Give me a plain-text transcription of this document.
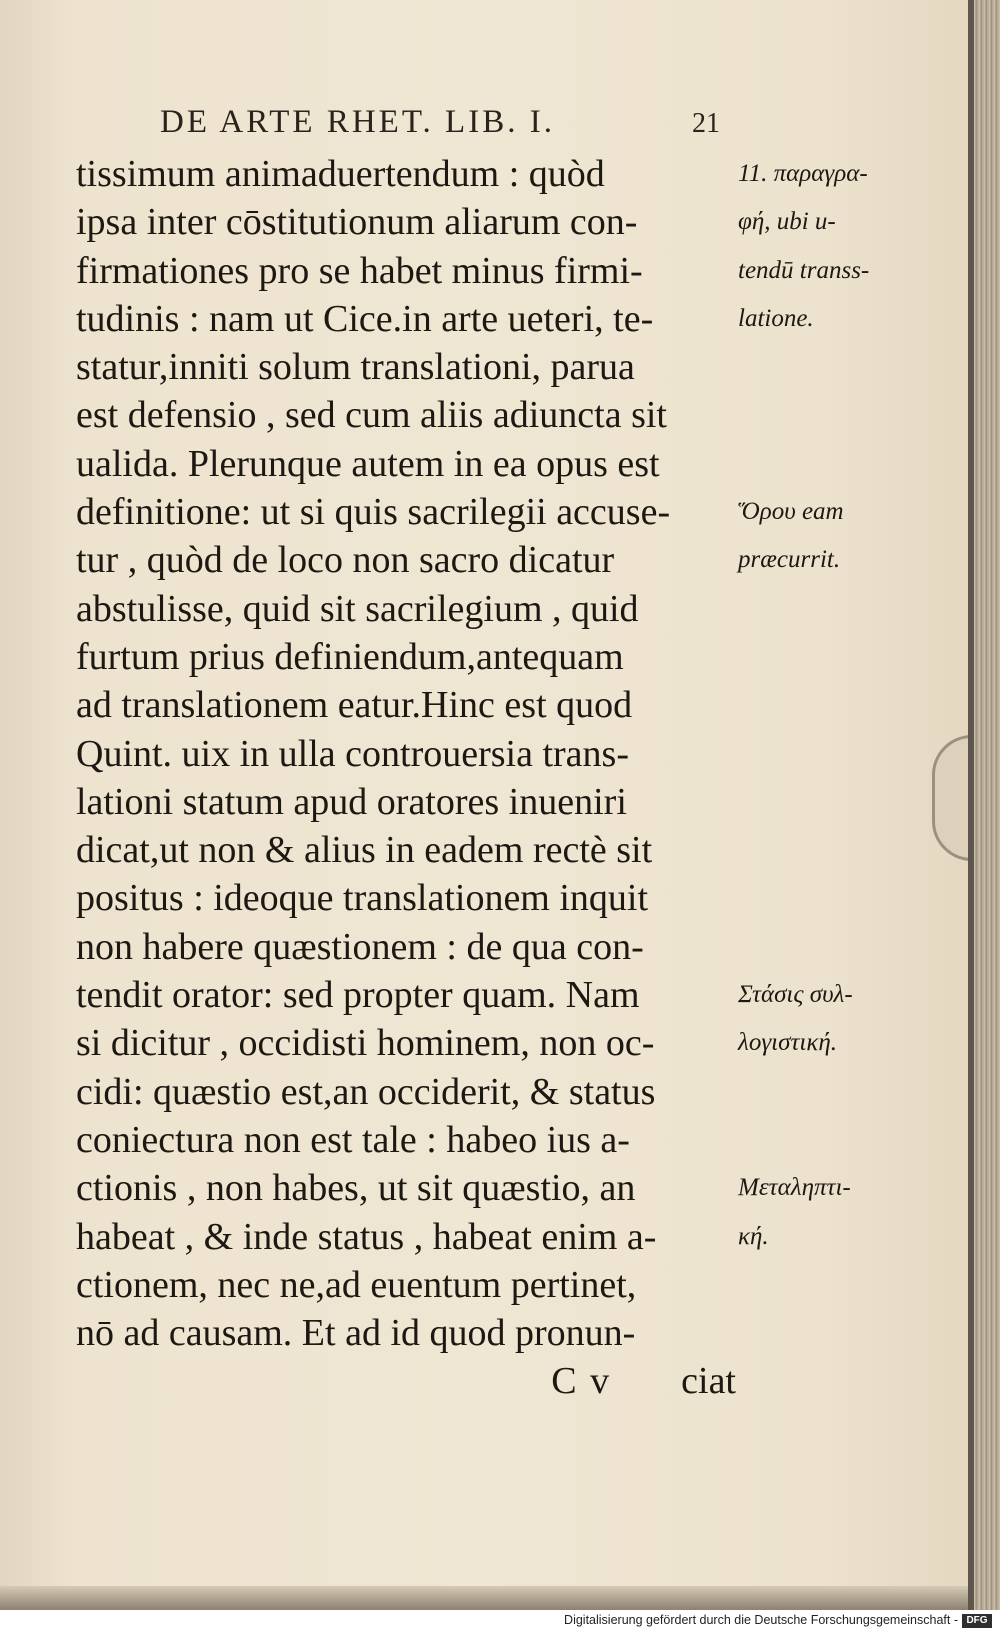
DE ARTE RHET. LIB. I.	21
tissimum animaduertendum : quòd
ipsa inter cōstitutionum aliarum con-
firmationes pro se habet minus firmi-
tudinis : nam ut Cice.in arte ueteri, te-
statur,inniti solum translationi, parua
est defensio , sed cum aliis adiuncta sit
ualida. Plerunque autem in ea opus est
definitione: ut si quis sacrilegii accuse-
tur , quòd de loco non sacro dicatur
abstulisse, quid sit sacrilegium , quid
furtum prius definiendum,antequam
ad translationem eatur.Hinc est quod
Quint. uix in ulla controuersia trans-
lationi statum apud oratores inueniri
dicat,ut non & alius in eadem rectè sit
positus : ideoque translationem inquit
non habere quæstionem : de qua con-
tendit orator: sed propter quam. Nam
si dicitur , occidisti hominem, non oc-
cidi: quæstio est,an occiderit, & status
coniectura non est tale : habeo ius a-
ctionis , non habes, ut sit quæstio, an
habeat , & inde status , habeat enim a-
ctionem, nec ne,ad euentum pertinet,
nō ad causam. Et ad id quod pronun-
C v ciat
11. παραγρα-
φή, ubi u-
tendū transs-
latione.
Ὅρου eam
præcurrit.
Στάσις συλ-
λογιστική.
Μεταληπτι-
κή.
Digitalisierung gefördert durch die Deutsche Forschungsgemeinschaft - DFG
